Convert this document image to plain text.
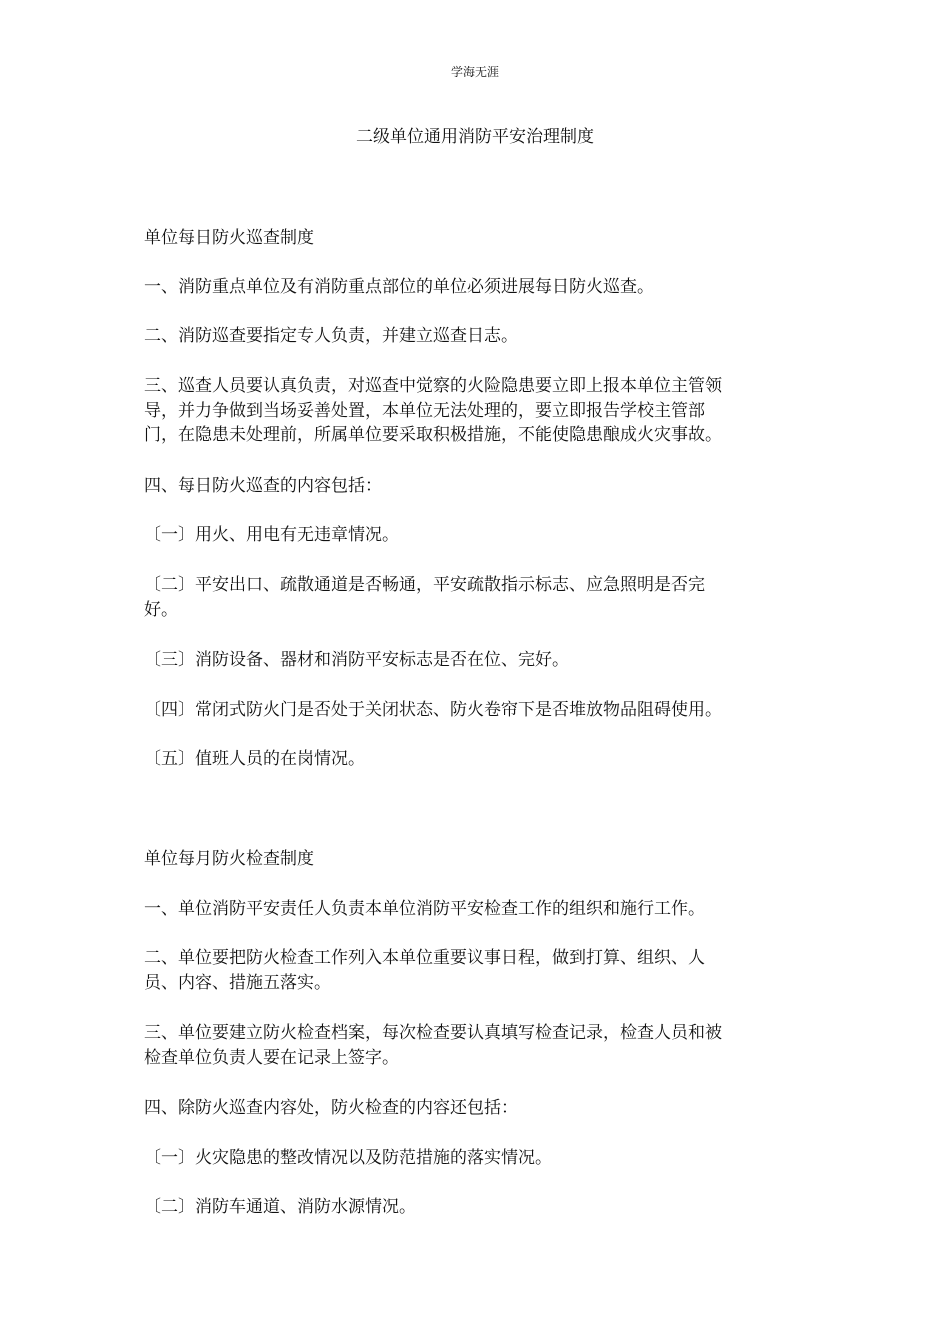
学海无涯
二级单位通用消防平安治理制度
单位每日防火巡查制度
一、消防重点单位及有消防重点部位的单位必须进展每日防火巡查。
二、消防巡查要指定专人负责，并建立巡查日志。
三、巡查人员要认真负责，对巡查中觉察的火险隐患要立即上报本单位主管领
导，并力争做到当场妥善处置，本单位无法处理的，要立即报告学校主管部
门，在隐患未处理前，所属单位要采取积极措施，不能使隐患酿成火灾事故。
四、每日防火巡查的内容包括：
〔一〕用火、用电有无违章情况。
〔二〕平安出口、疏散通道是否畅通，平安疏散指示标志、应急照明是否完
好。
〔三〕消防设备、器材和消防平安标志是否在位、完好。
〔四〕常闭式防火门是否处于关闭状态、防火卷帘下是否堆放物品阻碍使用。
〔五〕值班人员的在岗情况。
单位每月防火检查制度
一、单位消防平安责任人负责本单位消防平安检查工作的组织和施行工作。
二、单位要把防火检查工作列入本单位重要议事日程，做到打算、组织、人
员、内容、措施五落实。
三、单位要建立防火检查档案，每次检查要认真填写检查记录，检查人员和被
检查单位负责人要在记录上签字。
四、除防火巡查内容处，防火检查的内容还包括：
〔一〕火灾隐患的整改情况以及防范措施的落实情况。
〔二〕消防车通道、消防水源情况。
